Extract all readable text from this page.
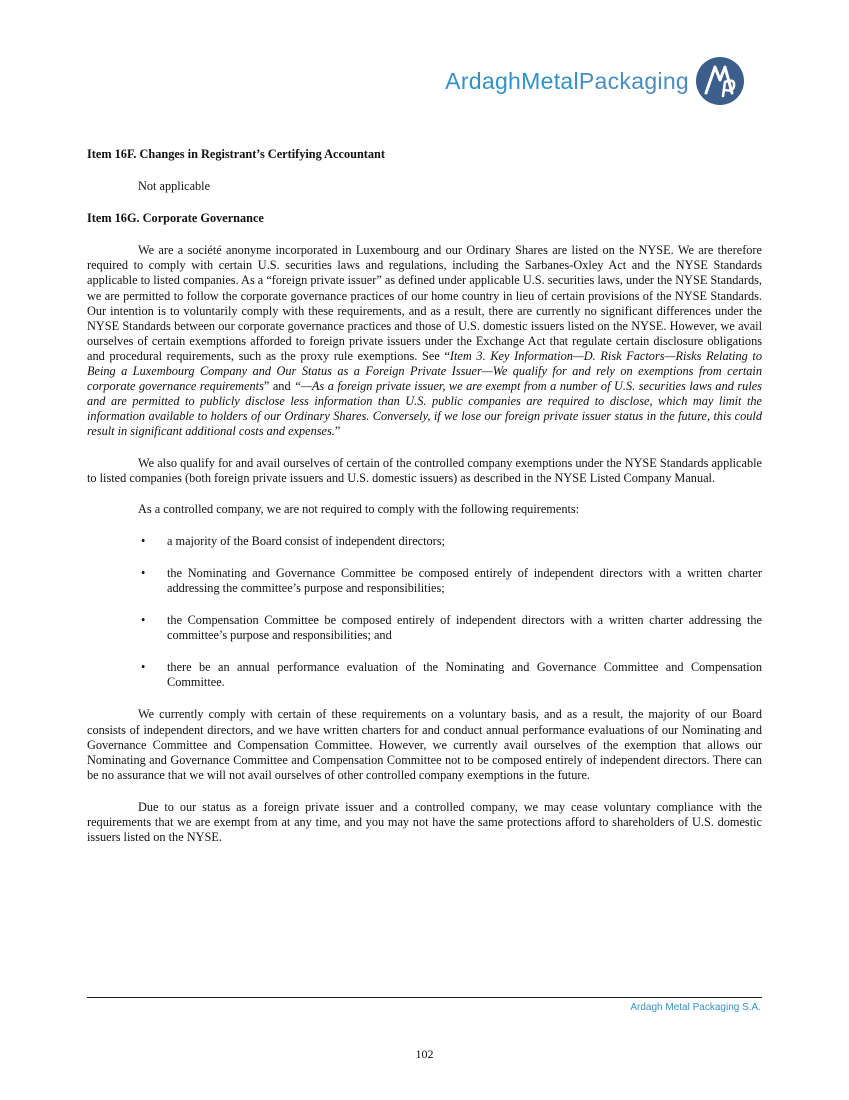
ArdaghMetalPackaging

Item 16F. Changes in Registrant’s Certifying Accountant

Not applicable

Item 16G. Corporate Governance

We are a société anonyme incorporated in Luxembourg and our Ordinary Shares are listed on the NYSE. We are therefore required to comply with certain U.S. securities laws and regulations, including the Sarbanes-Oxley Act and the NYSE Standards applicable to listed companies. As a “foreign private issuer” as defined under applicable U.S. securities laws, under the NYSE Standards, we are permitted to follow the corporate governance practices of our home country in lieu of certain provisions of the NYSE Standards. Our intention is to voluntarily comply with these requirements, and as a result, there are currently no significant differences under the NYSE Standards between our corporate governance practices and those of U.S. domestic issuers listed on the NYSE. However, we avail ourselves of certain exemptions afforded to foreign private issuers under the Exchange Act that regulate certain disclosure obligations and procedural requirements, such as the proxy rule exemptions. See “Item 3. Key Information—D. Risk Factors—Risks Relating to Being a Luxembourg Company and Our Status as a Foreign Private Issuer—We qualify for and rely on exemptions from certain corporate governance requirements” and “—As a foreign private issuer, we are exempt from a number of U.S. securities laws and rules and are permitted to publicly disclose less information than U.S. public companies are required to disclose, which may limit the information available to holders of our Ordinary Shares. Conversely, if we lose our foreign private issuer status in the future, this could result in significant additional costs and expenses.”

We also qualify for and avail ourselves of certain of the controlled company exemptions under the NYSE Standards applicable to listed companies (both foreign private issuers and U.S. domestic issuers) as described in the NYSE Listed Company Manual.

As a controlled company, we are not required to comply with the following requirements:

• a majority of the Board consist of independent directors;
• the Nominating and Governance Committee be composed entirely of independent directors with a written charter addressing the committee’s purpose and responsibilities;
• the Compensation Committee be composed entirely of independent directors with a written charter addressing the committee’s purpose and responsibilities; and
• there be an annual performance evaluation of the Nominating and Governance Committee and Compensation Committee.

We currently comply with certain of these requirements on a voluntary basis, and as a result, the majority of our Board consists of independent directors, and we have written charters for and conduct annual performance evaluations of our Nominating and Governance Committee and Compensation Committee. However, we currently avail ourselves of the exemption that allows our Nominating and Governance Committee and Compensation Committee not to be composed entirely of independent directors. There can be no assurance that we will not avail ourselves of other controlled company exemptions in the future.

Due to our status as a foreign private issuer and a controlled company, we may cease voluntary compliance with the requirements that we are exempt from at any time, and you may not have the same protections afford to shareholders of U.S. domestic issuers listed on the NYSE.

Ardagh Metal Packaging S.A.
102
